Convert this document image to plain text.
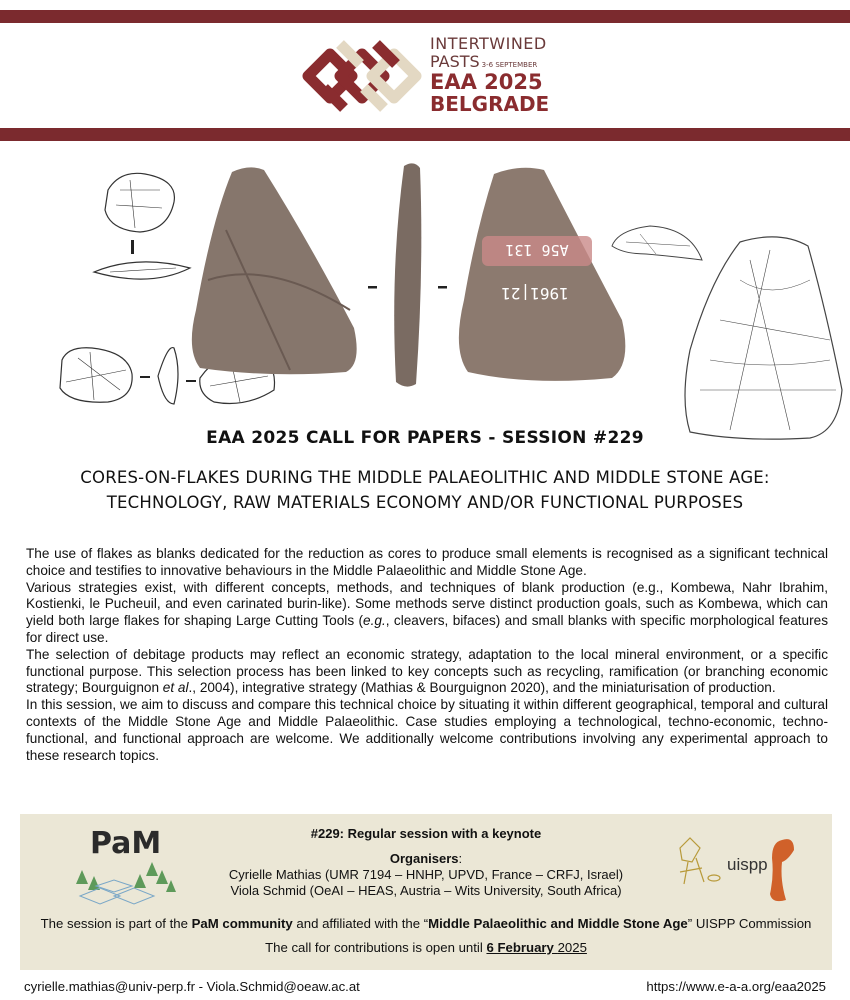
INTERTWINED
PASTS 3-6 SEPTEMBER
EAA 2025
BELGRADE
A56 131
1961|21
EAA 2025 CALL FOR PAPERS - SESSION #229
CORES-ON-FLAKES DURING THE MIDDLE PALAEOLITHIC AND MIDDLE STONE AGE:
TECHNOLOGY, RAW MATERIALS ECONOMY AND/OR FUNCTIONAL PURPOSES

The use of flakes as blanks dedicated for the reduction as cores to produce small elements is recognised as a significant technical choice and testifies to innovative behaviours in the Middle Palaeolithic and Middle Stone Age.

Various strategies exist, with different concepts, methods, and techniques of blank production (e.g., Kombewa, Nahr Ibrahim, Kostienki, le Pucheuil, and even carinated burin-like). Some methods serve distinct production goals, such as Kombewa, which can yield both large flakes for shaping Large Cutting Tools (e.g., cleavers, bifaces) and small blanks with specific morphological features for direct use.

The selection of debitage products may reflect an economic strategy, adaptation to the local mineral environment, or a specific functional purpose. This selection process has been linked to key concepts such as recycling, ramification (or branching economic strategy; Bourguignon et al., 2004), integrative strategy (Mathias & Bourguignon 2020), and the miniaturisation of production.

In this session, we aim to discuss and compare this technical choice by situating it within different geographical, temporal and cultural contexts of the Middle Stone Age and Middle Palaeolithic. Case studies employing a technological, techno-economic, techno-functional, and functional approach are welcome. We additionally welcome contributions involving any experimental approach to these research topics.

PaM	#229: Regular session with a keynote
Organisers:
Cyrielle Mathias (UMR 7194 – HNHP, UPVD, France – CRFJ, Israel)
Viola Schmid (OeAI – HEAS, Austria – Wits University, South Africa)
uispp
The session is part of the PaM community and affiliated with the “Middle Palaeolithic and Middle Stone Age” UISPP Commission
The call for contributions is open until 6 February 2025
cyrielle.mathias@univ-perp.fr - Viola.Schmid@oeaw.ac.at	https://www.e-a-a.org/eaa2025
